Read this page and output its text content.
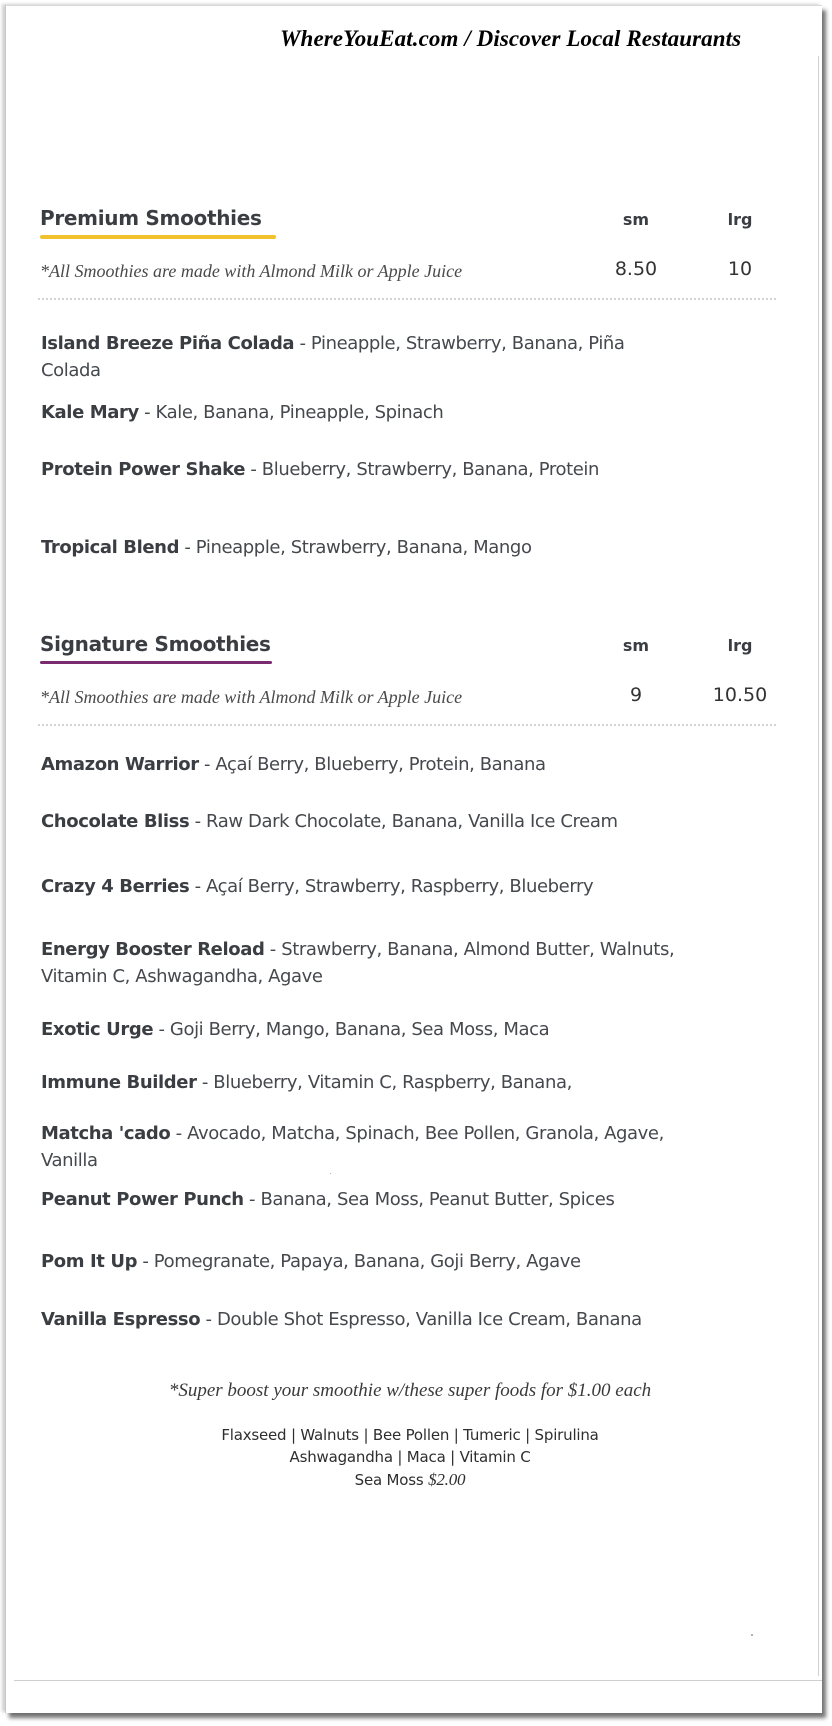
WhereYouEat.com / Discover Local Restaurants
Premium Smoothies	sm	lrg
*All Smoothies are made with Almond Milk or Apple Juice	8.50	10
Island Breeze Piña Colada - Pineapple, Strawberry, Banana, Piña Colada
Kale Mary - Kale, Banana, Pineapple, Spinach
Protein Power Shake - Blueberry, Strawberry, Banana, Protein
Tropical Blend - Pineapple, Strawberry, Banana, Mango
Signature Smoothies	sm	lrg
*All Smoothies are made with Almond Milk or Apple Juice	9	10.50
Amazon Warrior - Açaí Berry, Blueberry, Protein, Banana
Chocolate Bliss - Raw Dark Chocolate, Banana, Vanilla Ice Cream
Crazy 4 Berries - Açaí Berry, Strawberry, Raspberry, Blueberry
Energy Booster Reload - Strawberry, Banana, Almond Butter, Walnuts, Vitamin C, Ashwagandha, Agave
Exotic Urge - Goji Berry, Mango, Banana, Sea Moss, Maca
Immune Builder - Blueberry, Vitamin C, Raspberry, Banana,
Matcha 'cado - Avocado, Matcha, Spinach, Bee Pollen, Granola, Agave, Vanilla
Peanut Power Punch - Banana, Sea Moss, Peanut Butter, Spices
Pom It Up - Pomegranate, Papaya, Banana, Goji Berry, Agave
Vanilla Espresso - Double Shot Espresso, Vanilla Ice Cream, Banana
*Super boost your smoothie w/these super foods for $1.00 each
Flaxseed | Walnuts | Bee Pollen | Tumeric | Spirulina
Ashwagandha | Maca | Vitamin C
Sea Moss $2.00
